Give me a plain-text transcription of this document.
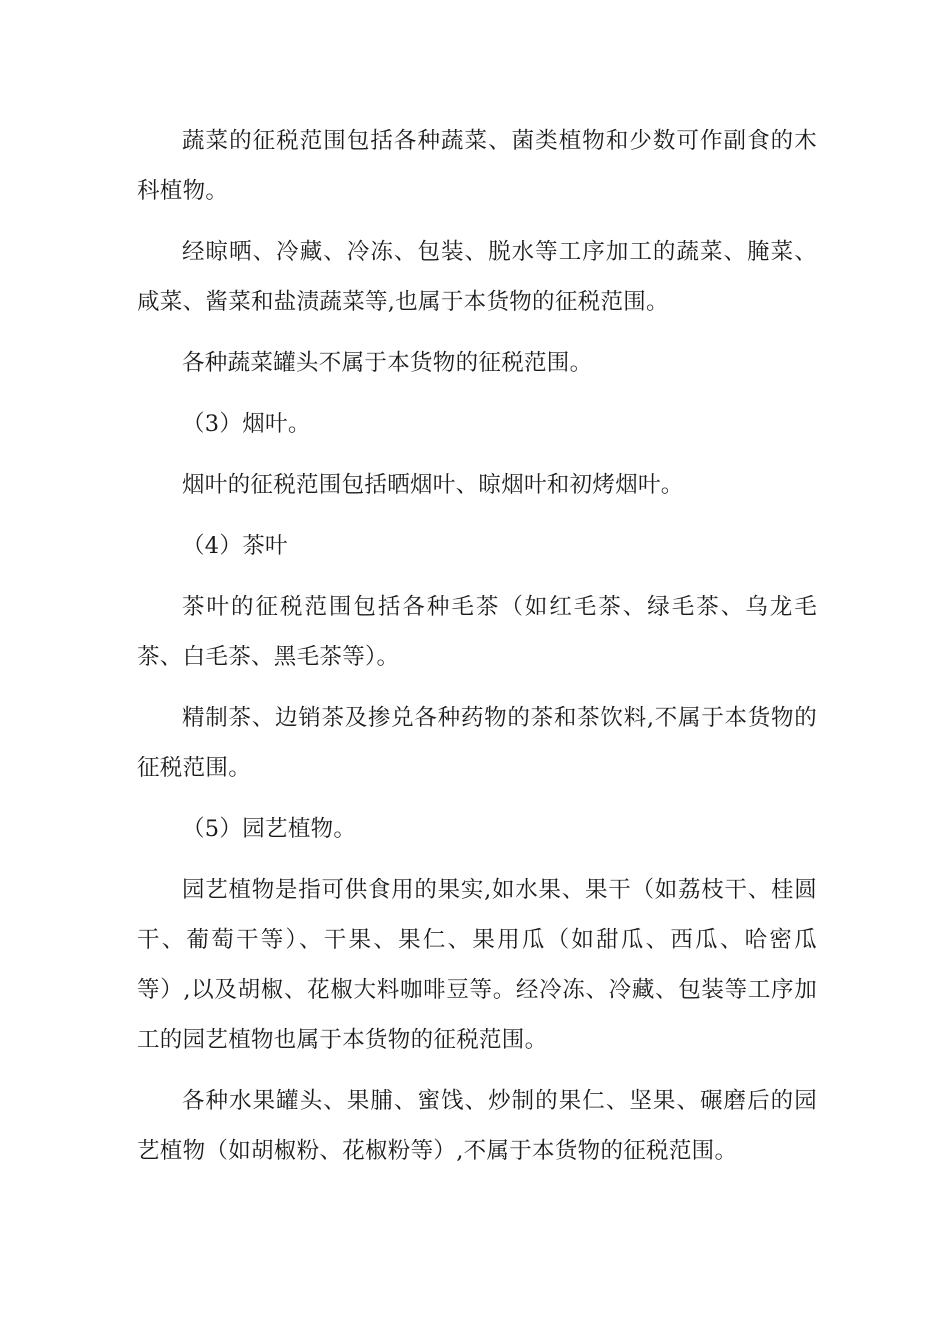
蔬菜的征税范围包括各种蔬菜、菌类植物和少数可作副食的木科植物。

经晾晒、冷藏、冷冻、包装、脱水等工序加工的蔬菜、腌菜、咸菜、酱菜和盐渍蔬菜等,也属于本货物的征税范围。

各种蔬菜罐头不属于本货物的征税范围。

（3）烟叶。

烟叶的征税范围包括晒烟叶、晾烟叶和初烤烟叶。

（4）茶叶

茶叶的征税范围包括各种毛茶（如红毛茶、绿毛茶、乌龙毛茶、白毛茶、黑毛茶等）。

精制茶、边销茶及掺兑各种药物的茶和茶饮料,不属于本货物的征税范围。

（5）园艺植物。

园艺植物是指可供食用的果实,如水果、果干（如荔枝干、桂圆干、葡萄干等）、干果、果仁、果用瓜（如甜瓜、西瓜、哈密瓜等）,以及胡椒、花椒大料咖啡豆等。经冷冻、冷藏、包装等工序加工的园艺植物也属于本货物的征税范围。

各种水果罐头、果脯、蜜饯、炒制的果仁、坚果、碾磨后的园艺植物（如胡椒粉、花椒粉等）,不属于本货物的征税范围。
